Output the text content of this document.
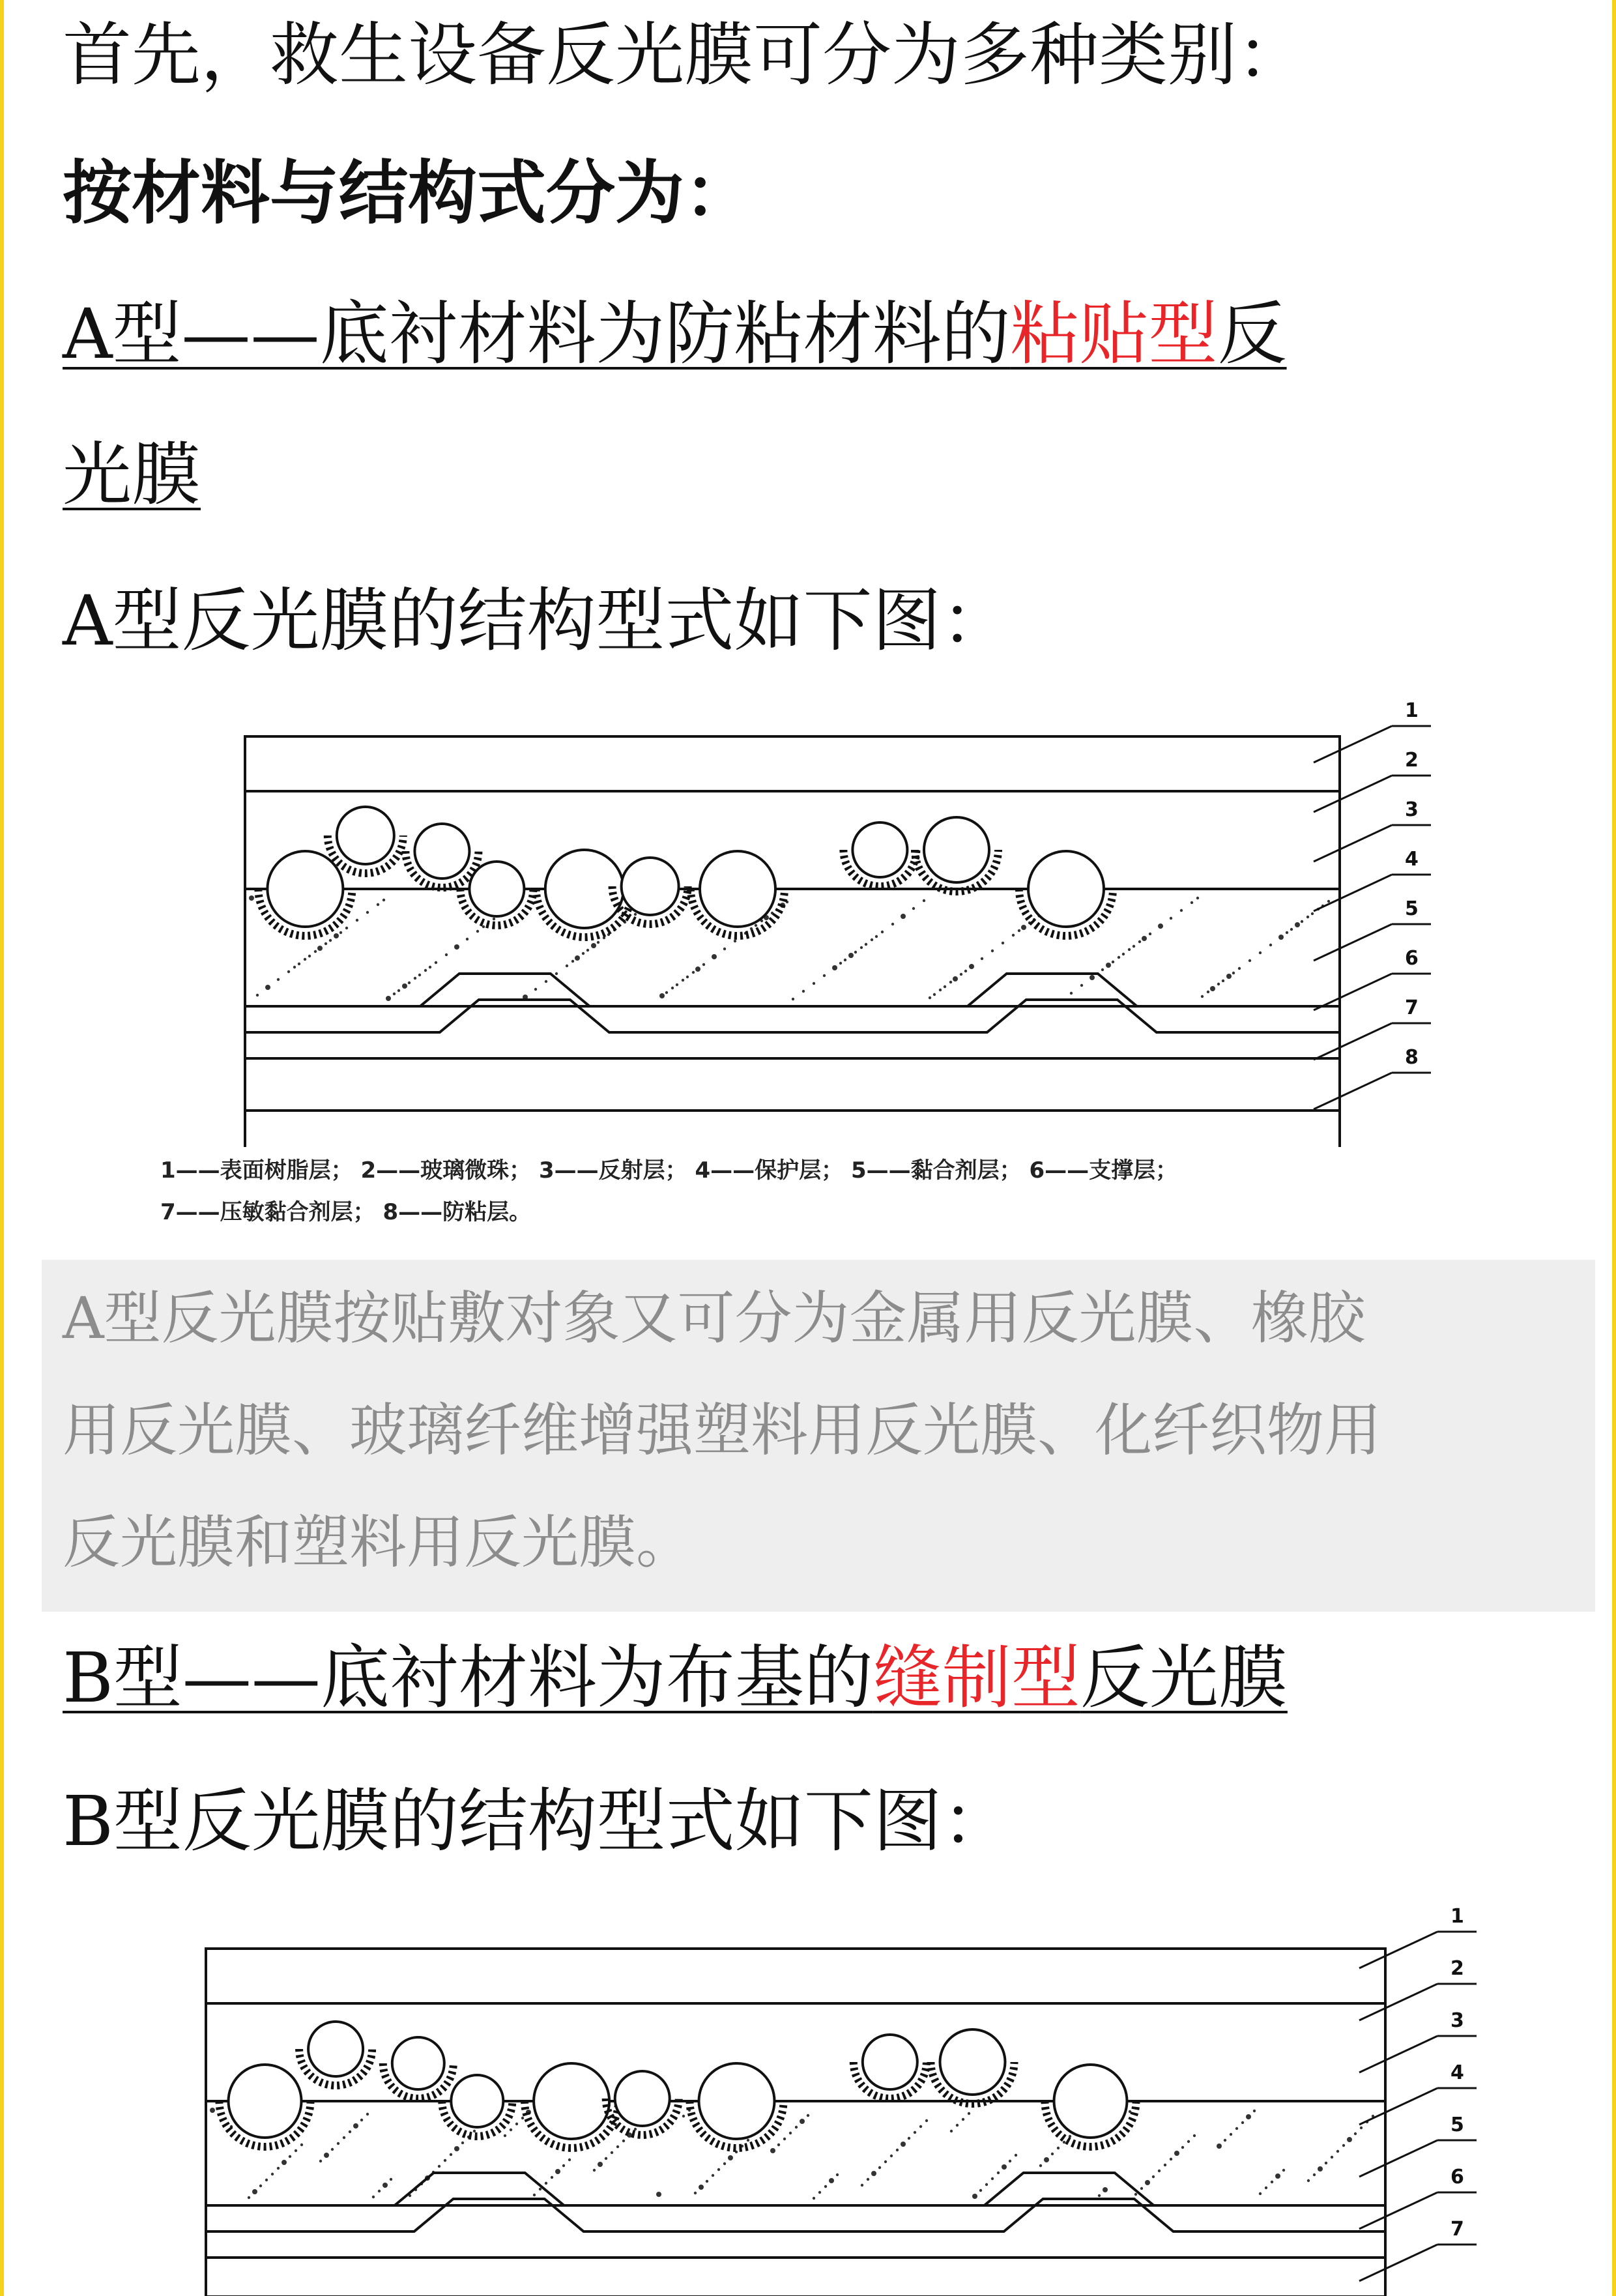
首先，救生设备反光膜可分为多种类别：
按材料与结构式分为：
A型——底衬材料为防粘材料的粘贴型反
光膜
A型反光膜的结构型式如下图：
1
2
3
4
5
6
7
8
1——表面树脂层； 2——玻璃微珠； 3——反射层； 4——保护层； 5——黏合剂层； 6——支撑层；
7——压敏黏合剂层； 8——防粘层。

A型反光膜按贴敷对象又可分为金属用反光膜、橡胶

用反光膜、玻璃纤维增强塑料用反光膜、化纤织物用

反光膜和塑料用反光膜。

B型——底衬材料为布基的缝制型反光膜
B型反光膜的结构型式如下图：
1
2
3
4
5
6
7
